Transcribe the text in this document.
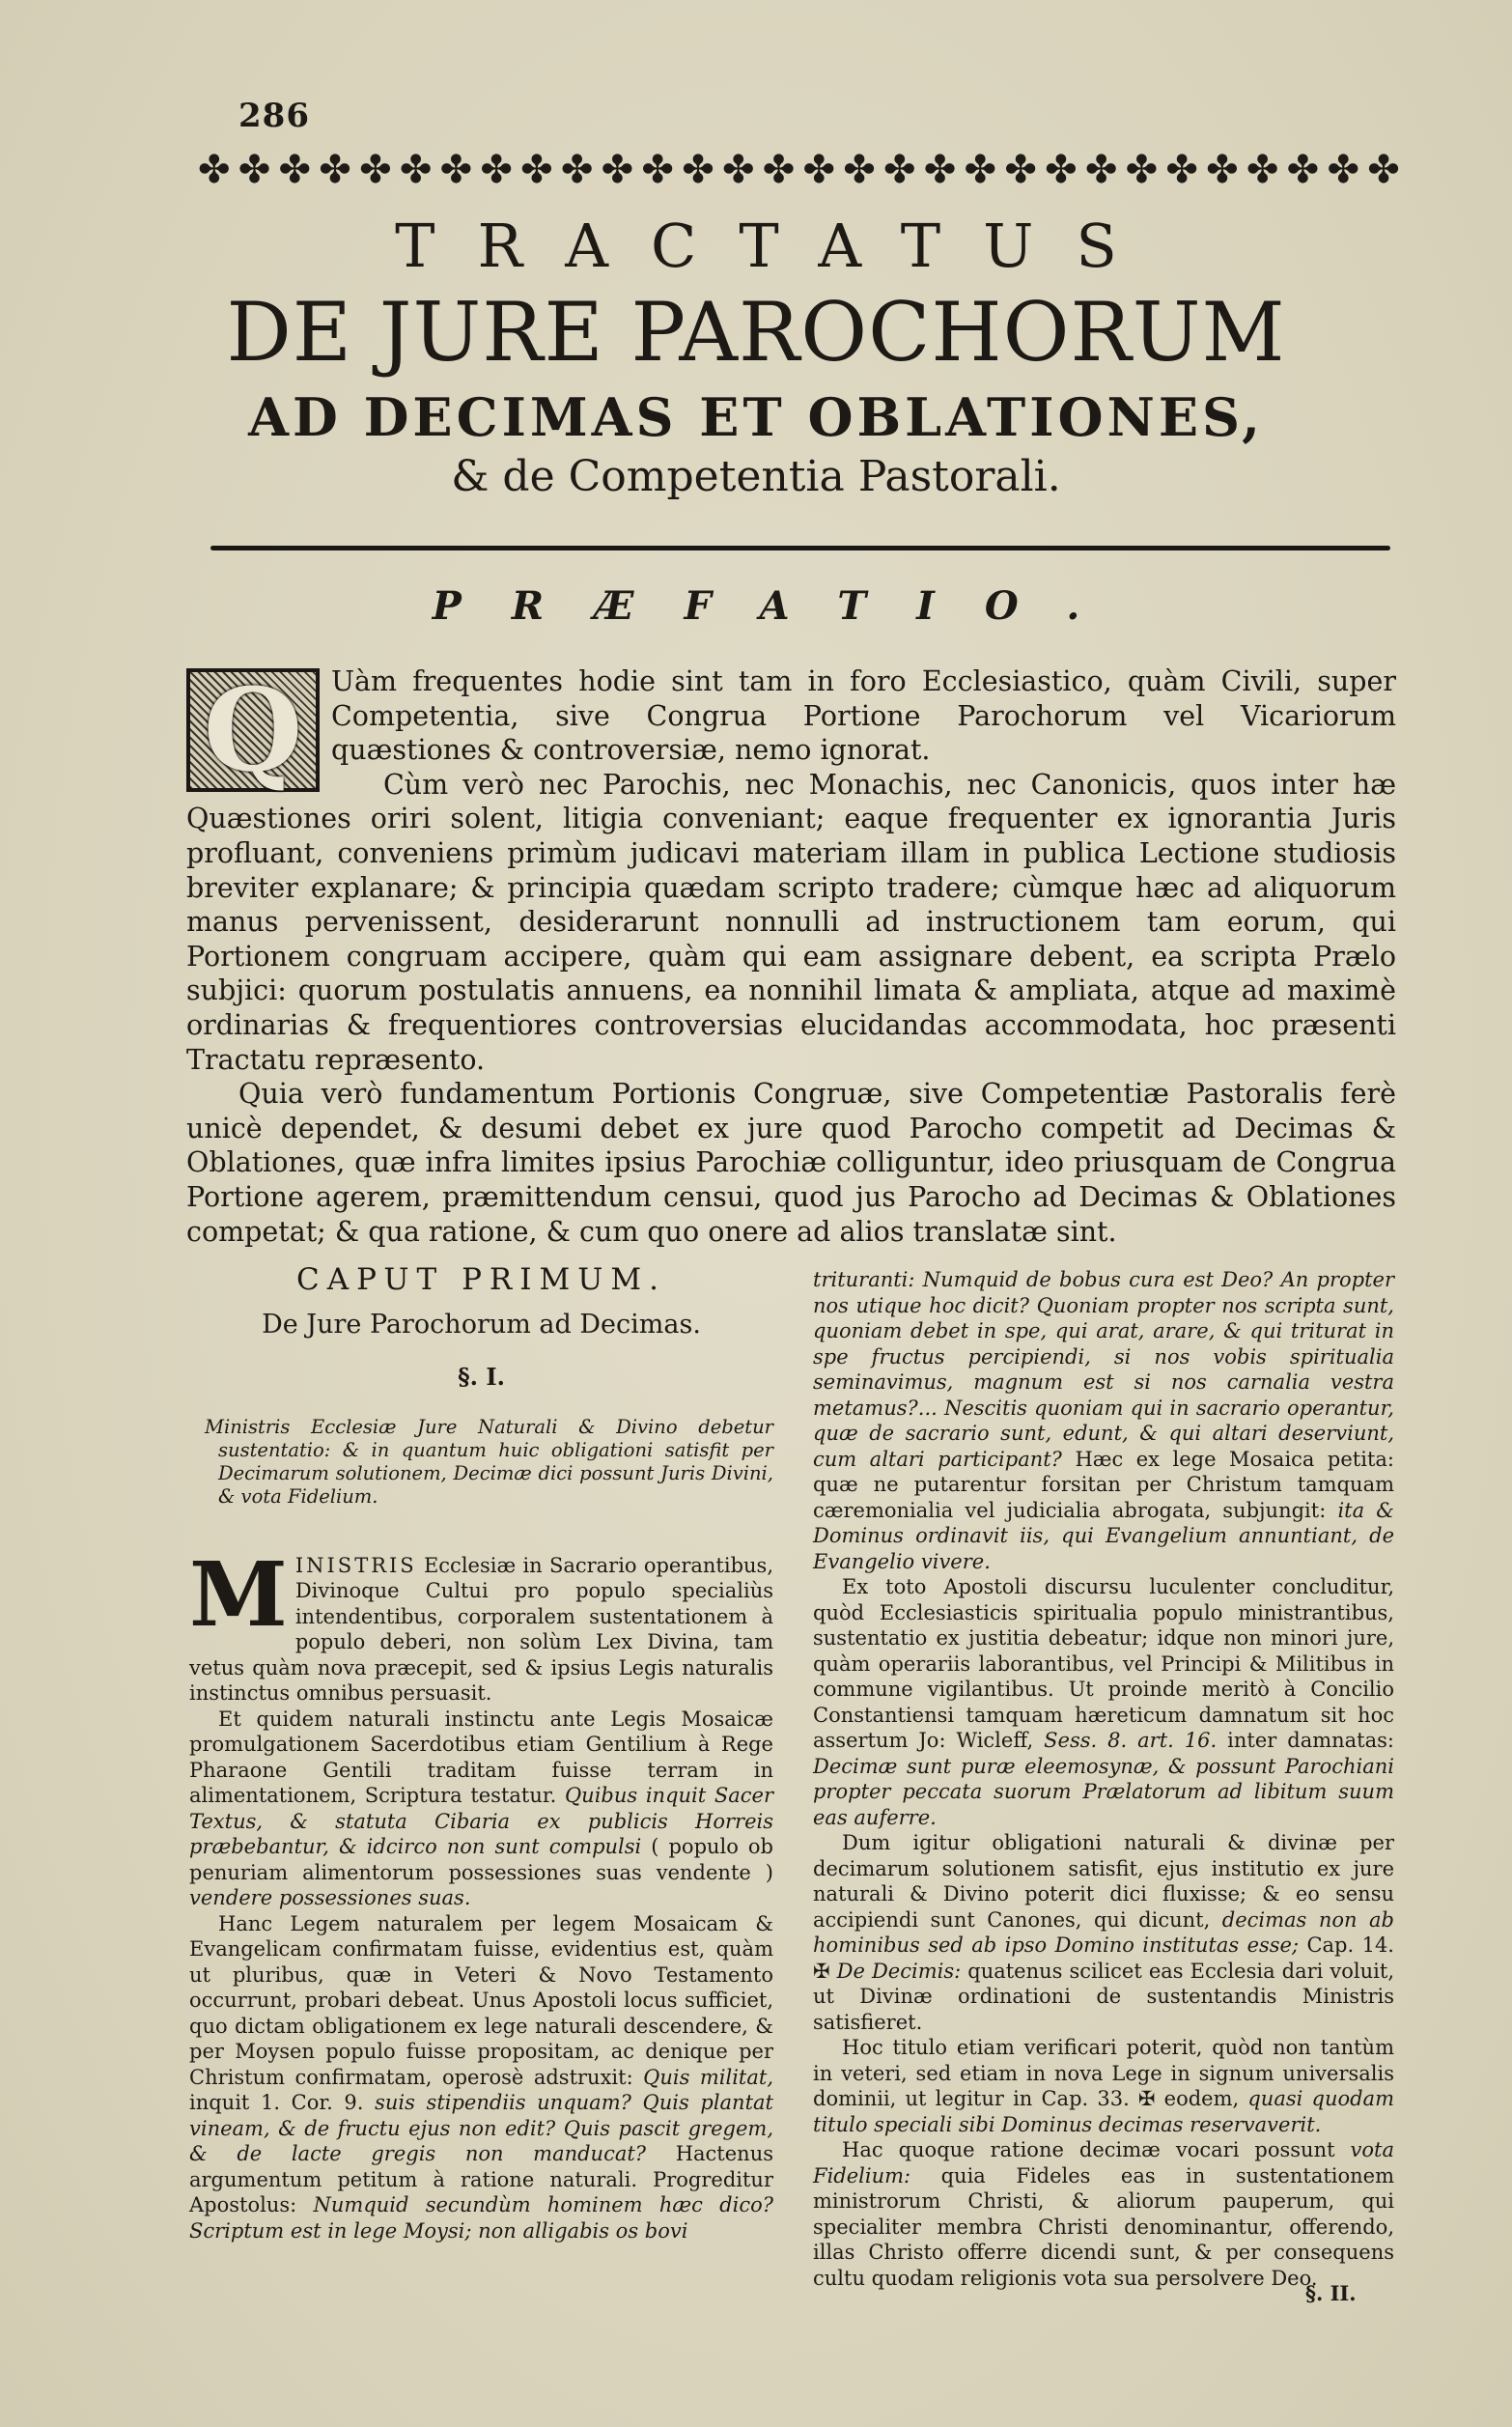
286
✤ ✤ ✤ ✤ ✤ ✤ ✤ ✤ ✤ ✤ ✤ ✤ ✤ ✤ ✤ ✤ ✤ ✤ ✤ ✤ ✤ ✤ ✤ ✤ ✤ ✤ ✤ ✤ ✤ ✤
TRACTATUS
DE JURE PAROCHORUM
AD DECIMAS ET OBLATIONES,
& de Competentia Pastorali.
PRÆFATIO.
Q	Uàm frequentes hodie sint tam in foro Ecclesiastico, quàm Civili, super Competentia, sive Congrua Portione Parochorum vel Vicariorum quæstiones & controversiæ, nemo ignorat.

Cùm verò nec Parochis, nec Monachis, nec Canonicis, quos inter hæ Quæstiones oriri solent, litigia conveniant; eaque frequenter ex ignorantia Juris profluant, conveniens primùm judicavi materiam illam in publica Lectione studiosis breviter explanare; & principia quædam scripto tradere; cùmque hæc ad aliquorum manus pervenissent, desiderarunt nonnulli ad instructionem tam eorum, qui Portionem congruam accipere, quàm qui eam assignare debent, ea scripta Prælo subjici: quorum postulatis annuens, ea nonnihil limata & ampliata, atque ad maximè ordinarias & frequentiores controversias elucidandas accommodata, hoc præsenti Tractatu repræsento.

Quia verò fundamentum Portionis Congruæ, sive Competentiæ Pastoralis ferè unicè dependet, & desumi debet ex jure quod Parocho competit ad Decimas & Oblationes, quæ infra limites ipsius Parochiæ colliguntur, ideo priusquam de Congrua Portione agerem, præmittendum censui, quod jus Parocho ad Decimas & Oblationes competat; & qua ratione, & cum quo onere ad alios translatæ sint.

CAPUT PRIMUM.
De Jure Parochorum ad Decimas.
§. I.

Ministris Ecclesiæ Jure Naturali & Divino debetur sustentatio: & in quantum huic obligationi satisfit per Decimarum solutionem, Decimæ dici possunt Juris Divini, & vota Fidelium.

MINISTRIS Ecclesiæ in Sacrario operantibus, Divinoque Cultui pro populo specialiùs intendentibus, corporalem sustentationem à populo deberi, non solùm Lex Divina, tam vetus quàm nova præcepit, sed & ipsius Legis naturalis instinctus omnibus persuasit.

Et quidem naturali instinctu ante Legis Mosaicæ promulgationem Sacerdotibus etiam Gentilium à Rege Pharaone Gentili traditam fuisse terram in alimentationem, Scriptura testatur. Quibus inquit Sacer Textus, & statuta Cibaria ex publicis Horreis præbebantur, & idcirco non sunt compulsi ( populo ob penuriam alimentorum possessiones suas vendente ) vendere possessiones suas.

Hanc Legem naturalem per legem Mosaicam & Evangelicam confirmatam fuisse, evidentius est, quàm ut pluribus, quæ in Veteri & Novo Testamento occurrunt, probari debeat. Unus Apostoli locus sufficiet, quo dictam obligationem ex lege naturali descendere, & per Moysen populo fuisse propositam, ac denique per Christum confirmatam, operosè adstruxit: Quis militat, inquit 1. Cor. 9. suis stipendiis unquam? Quis plantat vineam, & de fructu ejus non edit? Quis pascit gregem, & de lacte gregis non manducat? Hactenus argumentum petitum à ratione naturali. Progreditur Apostolus: Numquid secundùm hominem hæc dico? Scriptum est in lege Moysi; non alligabis os bovi

trituranti: Numquid de bobus cura est Deo? An propter nos utique hoc dicit? Quoniam propter nos scripta sunt, quoniam debet in spe, qui arat, arare, & qui triturat in spe fructus percipiendi, si nos vobis spiritualia seminavimus, magnum est si nos carnalia vestra metamus?... Nescitis quoniam qui in sacrario operantur, quæ de sacrario sunt, edunt, & qui altari deserviunt, cum altari participant? Hæc ex lege Mosaica petita: quæ ne putarentur forsitan per Christum tamquam cæremonialia vel judicialia abrogata, subjungit: ita & Dominus ordinavit iis, qui Evangelium annuntiant, de Evangelio vivere.

Ex toto Apostoli discursu luculenter concluditur, quòd Ecclesiasticis spiritualia populo ministrantibus, sustentatio ex justitia debeatur; idque non minori jure, quàm operariis laborantibus, vel Principi & Militibus in commune vigilantibus. Ut proinde meritò à Concilio Constantiensi tamquam hæreticum damnatum sit hoc assertum Jo: Wicleff, Sess. 8. art. 16. inter damnatas: Decimæ sunt puræ eleemosynæ, & possunt Parochiani propter peccata suorum Prælatorum ad libitum suum eas auferre.

Dum igitur obligationi naturali & divinæ per decimarum solutionem satisfit, ejus institutio ex jure naturali & Divino poterit dici fluxisse; & eo sensu accipiendi sunt Canones, qui dicunt, decimas non ab hominibus sed ab ipso Domino institutas esse; Cap. 14. ✠ De Decimis: quatenus scilicet eas Ecclesia dari voluit, ut Divinæ ordinationi de sustentandis Ministris satisfieret.

Hoc titulo etiam verificari poterit, quòd non tantùm in veteri, sed etiam in nova Lege in signum universalis dominii, ut legitur in Cap. 33. ✠ eodem, quasi quodam titulo speciali sibi Dominus decimas reservaverit.

Hac quoque ratione decimæ vocari possunt vota Fidelium: quia Fideles eas in sustentationem ministrorum Christi, & aliorum pauperum, qui specialiter membra Christi denominantur, offerendo, illas Christo offerre dicendi sunt, & per consequens cultu quodam religionis vota sua persolvere Deo.

§. II.
